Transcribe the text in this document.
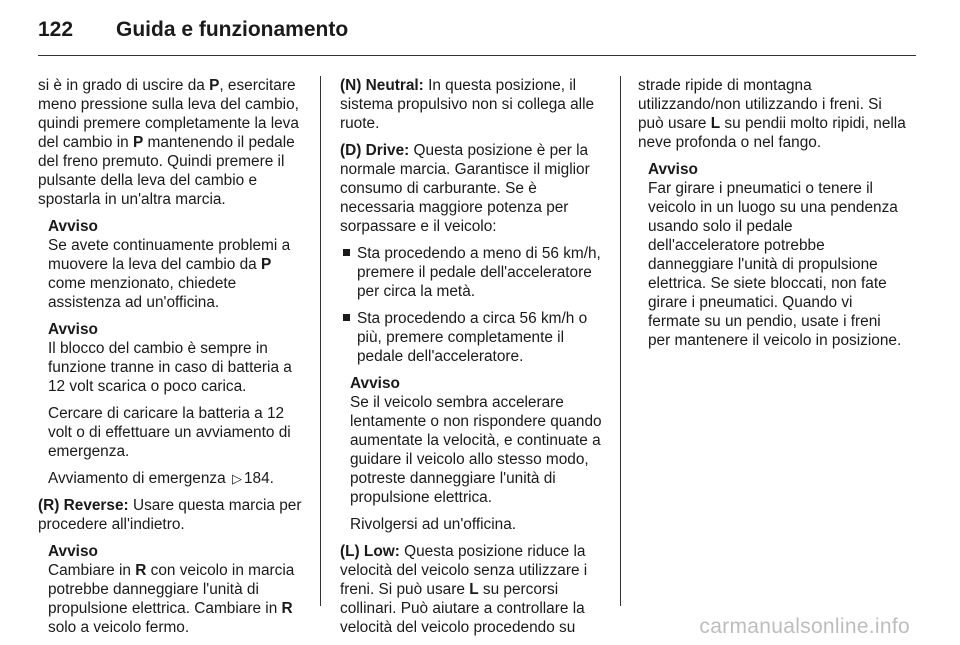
122 Guida e funzionamento

si è in grado di uscire da P, esercitare meno pressione sulla leva del cambio, quindi premere completamente la leva del cambio in P mantenendo il pedale del freno premuto. Quindi premere il pulsante della leva del cambio e spostarla in un'altra marcia.

Avviso
Se avete continuamente problemi a muovere la leva del cambio da P come menzionato, chiedete assistenza ad un'officina.
Avviso

Il blocco del cambio è sempre in funzione tranne in caso di batteria a 12 volt scarica o poco carica.

Cercare di caricare la batteria a 12 volt o di effettuare un avviamento di emergenza.

Avviamento di emergenza ▷ 184.

(R) Reverse: Usare questa marcia per procedere all'indietro.

Avviso
Cambiare in R con veicolo in marcia potrebbe danneggiare l'unità di propulsione elettrica. Cambiare in R solo a veicolo fermo.

(N) Neutral: In questa posizione, il sistema propulsivo non si collega alle ruote.

(D) Drive: Questa posizione è per la normale marcia. Garantisce il miglior consumo di carburante. Se è necessaria maggiore potenza per sorpassare e il veicolo:

Sta procedendo a meno di 56 km/h, premere il pedale dell'acceleratore per circa la metà.
Sta procedendo a circa 56 km/h o più, premere completamente il pedale dell'acceleratore.
Avviso

Se il veicolo sembra accelerare lentamente o non rispondere quando aumentate la velocità, e continuate a guidare il veicolo allo stesso modo, potreste danneggiare l'unità di propulsione elettrica.

Rivolgersi ad un'officina.

(L) Low: Questa posizione riduce la velocità del veicolo senza utilizzare i freni. Si può usare L su percorsi collinari. Può aiutare a controllare la velocità del veicolo procedendo su

strade ripide di montagna utilizzando/non utilizzando i freni. Si può usare L su pendii molto ripidi, nella neve profonda o nel fango.

Avviso
Far girare i pneumatici o tenere il veicolo in un luogo su una pendenza usando solo il pedale dell'acceleratore potrebbe danneggiare l'unità di propulsione elettrica. Se siete bloccati, non fate girare i pneumatici. Quando vi fermate su un pendio, usate i freni per mantenere il veicolo in posizione.
carmanualsonline.info
